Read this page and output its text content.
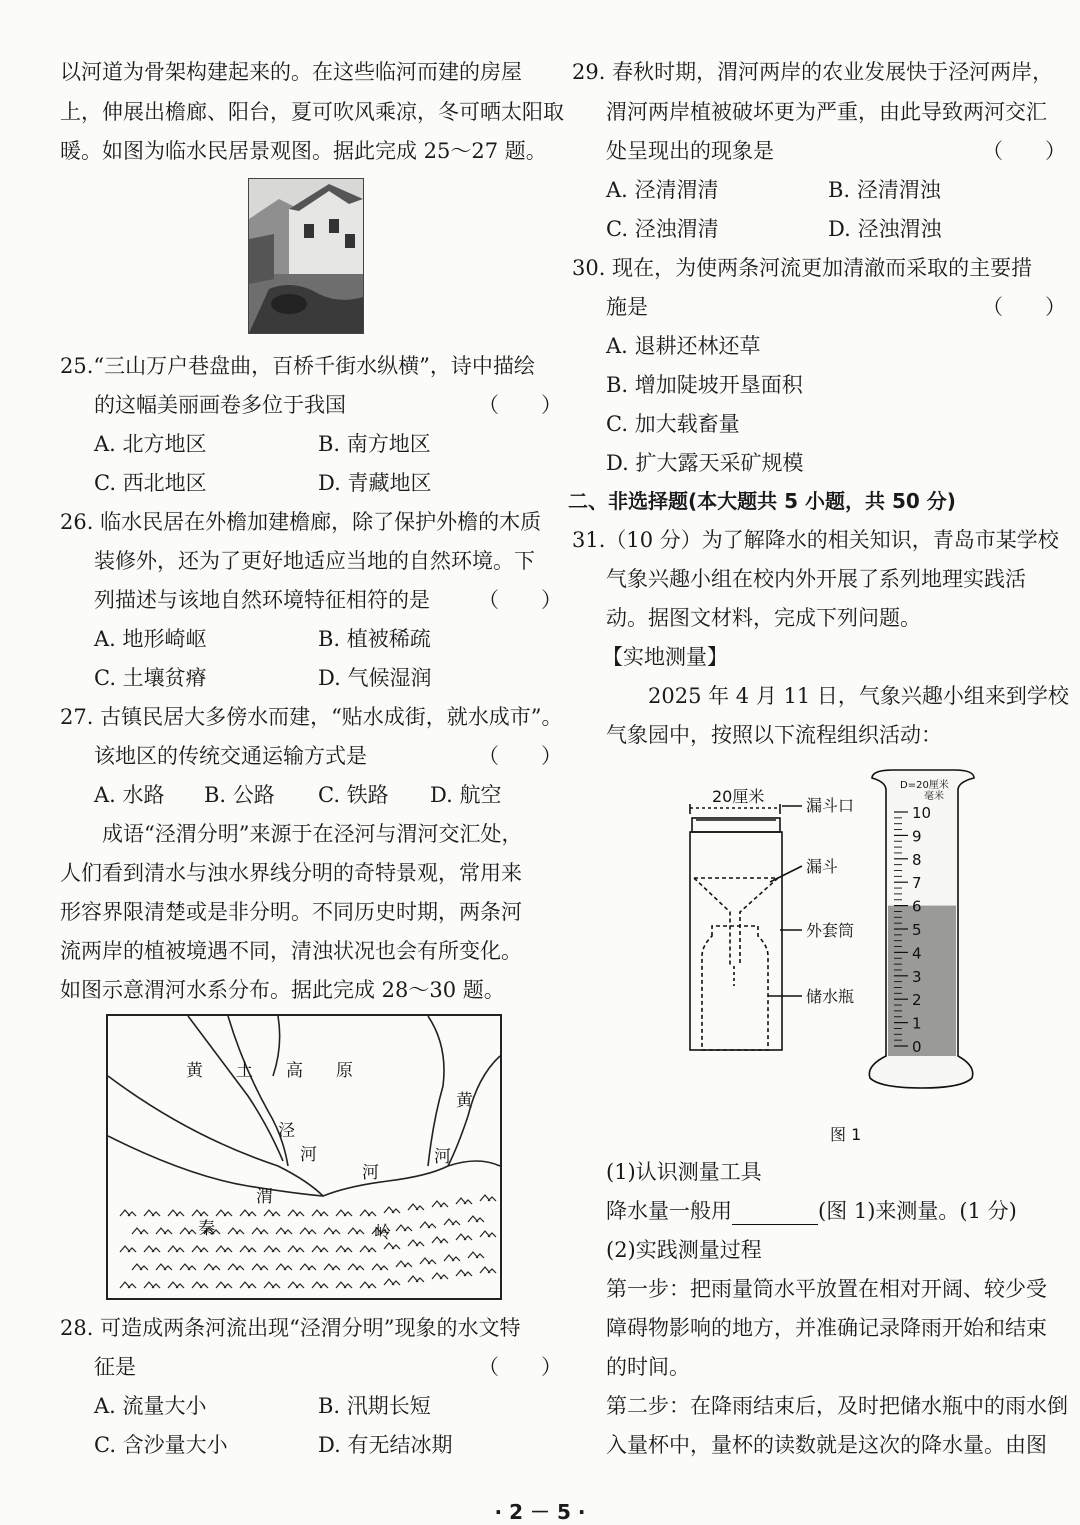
以河道为骨架构建起来的。在这些临河而建的房屋
上，伸展出檐廊、阳台，夏可吹风乘凉，冬可晒太阳取
暖。如图为临水民居景观图。据此完成 25～27 题。
25.“三山万户巷盘曲，百桥千街水纵横”，诗中描绘
的这幅美丽画卷多位于我国	（　　）
A. 北方地区	B. 南方地区
C. 西北地区	D. 青藏地区
26. 临水民居在外檐加建檐廊，除了保护外檐的木质
装修外，还为了更好地适应当地的自然环境。下
列描述与该地自然环境特征相符的是 （　　）
A. 地形崎岖	B. 植被稀疏
C. 土壤贫瘠	D. 气候湿润
27. 古镇民居大多傍水而建，“贴水成街，就水成市”。
该地区的传统交通运输方式是	（　　）
A. 水路 B. 公路 C. 铁路 D. 航空
　　成语“泾渭分明”来源于在泾河与渭河交汇处，
人们看到清水与浊水界线分明的奇特景观，常用来
形容界限清楚或是非分明。不同历史时期，两条河
流两岸的植被境遇不同，清浊状况也会有所变化。
如图示意渭河水系分布。据此完成 28～30 题。
黄 土 高 原
泾
河
渭
河
黄
河
秦	岭
28. 可造成两条河流出现“泾渭分明”现象的水文特
征是	（　　）
A. 流量大小	B. 汛期长短
C. 含沙量大小	D. 有无结冰期
29. 春秋时期，渭河两岸的农业发展快于泾河两岸，
渭河两岸植被破坏更为严重，由此导致两河交汇
处呈现出的现象是	（　　）
A. 泾清渭清	B. 泾清渭浊
C. 泾浊渭清	D. 泾浊渭浊
30. 现在，为使两条河流更加清澈而采取的主要措
施是	（　　）
A. 退耕还林还草
B. 增加陡坡开垦面积
C. 加大载畜量
D. 扩大露天采矿规模
二、非选择题(本大题共 5 小题，共 50 分)
31.（10 分）为了解降水的相关知识，青岛市某学校
气象兴趣小组在校内外开展了系列地理实践活
动。据图文材料，完成下列问题。
【实地测量】
　　2025 年 4 月 11 日，气象兴趣小组来到学校
气象园中，按照以下流程组织活动：
20厘米	漏斗口
漏斗
外套筒
储水瓶
10
9
8
7
6
5
4
3
2
1
0
D=20厘米
毫米
图 1
(1)认识测量工具
降水量一般用	(图 1)来测量。(1 分)
(2)实践测量过程
第一步：把雨量筒水平放置在相对开阔、较少受
障碍物影响的地方，并准确记录降雨开始和结束
的时间。
第二步：在降雨结束后，及时把储水瓶中的雨水倒
入量杯中，量杯的读数就是这次的降水量。由图
· 2 － 5 ·
